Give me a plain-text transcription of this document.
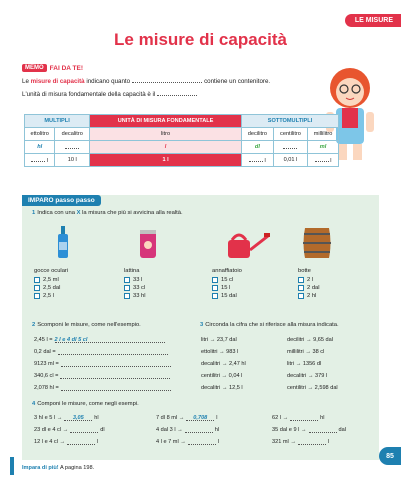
LE MISURE
Le misure di capacità
MEMO FAI DA TE!

Le misure di capacità indicano quanto	contiene un contenitore.

L'unità di misura fondamentale della capacità è il

MULTIPLI		UNITÀ DI MISURA FONDAMENTALE	SOTTOMULTIPLI		
ettolitro	decalitro	litro	decilitro	centilitro	millilitro
hl		l	dl		ml
l	10 l	1 l	l	0,01 l	l
IMPARO passo passo
1 Indica con una X la misura che più si avvicina alla realtà.
gocce oculari
2,5 ml
2,5 dal
2,5 l
lattina
33 l
33 cl
33 hl
annaffiatoio
15 cl
15 l
15 dal
botte
2 l
2 dal
2 hl
2 Scomponi le misure, come nell'esempio.
2,45 l = 2 l e 4 dl 5 cl
0,2 dal =
9123 ml =
340,6 cl =
2,078 hl =
3 Circonda la cifra che si riferisce alla misura indicata.
litri → 23,7 dal
ettolitri → 983 l
decalitri → 2,47 hl
centilitri → 0,04 l
decalitri → 12,5 l
decilitri → 9,65 dal
millilitri → 38 cl
litri → 1356 dl
decalitri → 379 l
centilitri → 2,598 dal
4 Componi le misure, come negli esempi.
3 hl e 5 l →	3,05	hl
23 dl e 4 cl →	dl
12 l e 4 cl →	l
7 dl 8 ml →	0,708	l
4 dal 3 l →	hl
4 l e 7 ml →	l
62 l →	hl
35 dal e 9 l →	dal
321 ml →	l
85
Impara di più! A pagina 198.
